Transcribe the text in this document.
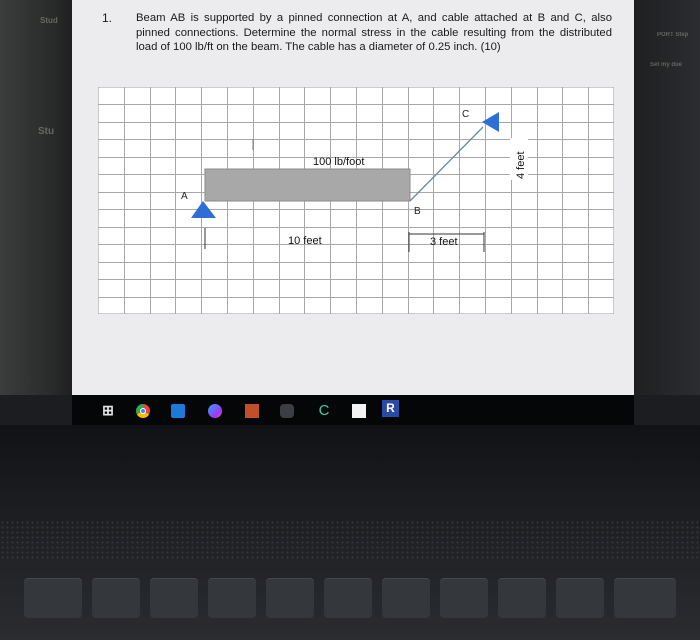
Stud
Stu
PORT Step
Set my due
1. Beam AB is supported by a pinned connection at A, and cable attached at B and C, also pinned connections. Determine the normal stress in the cable resulting from the distributed load of 100 lb/ft on the beam. The cable has a diameter of 0.25 inch. (10)
A
B
C
100 lb/foot
10 feet	3 feet
4 feet
⊞	C	R
